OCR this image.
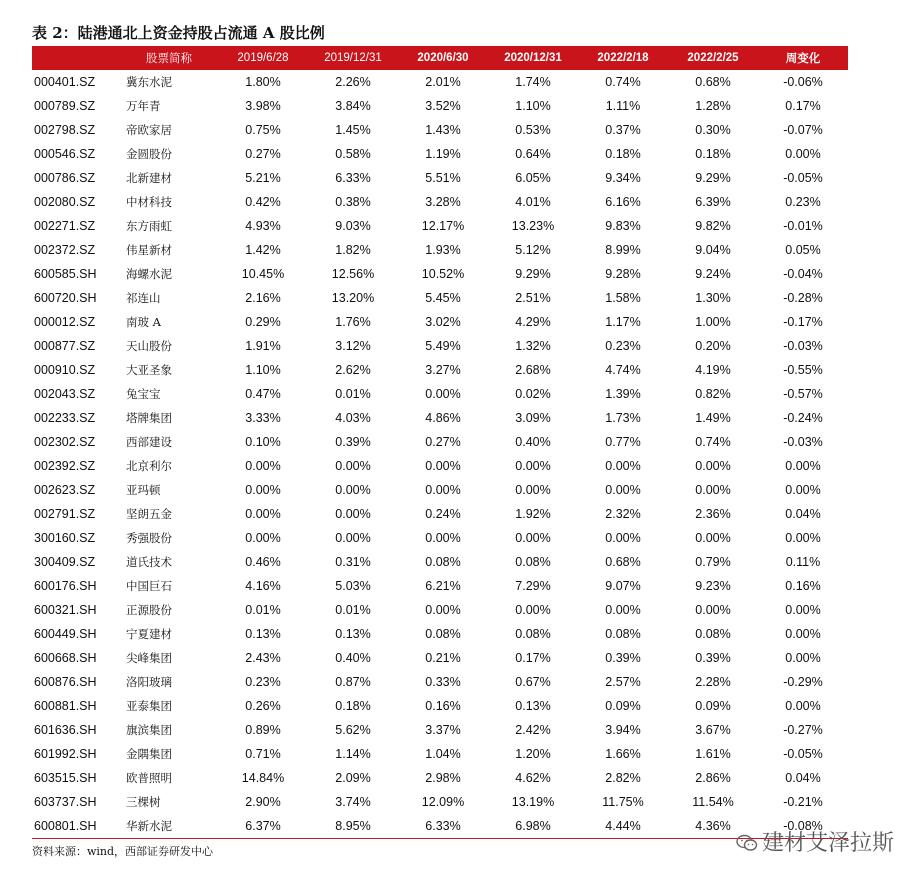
表 2：陆港通北上资金持股占流通 A 股比例
	股票简称	2019/6/28	2019/12/31	2020/6/30	2020/12/31	2022/2/18	2022/2/25	周变化
000401.SZ	冀东水泥	1.80%	2.26%	2.01%	1.74%	0.74%	0.68%	-0.06%
000789.SZ	万年青	3.98%	3.84%	3.52%	1.10%	1.11%	1.28%	0.17%
002798.SZ	帝欧家居	0.75%	1.45%	1.43%	0.53%	0.37%	0.30%	-0.07%
000546.SZ	金圆股份	0.27%	0.58%	1.19%	0.64%	0.18%	0.18%	0.00%
000786.SZ	北新建材	5.21%	6.33%	5.51%	6.05%	9.34%	9.29%	-0.05%
002080.SZ	中材科技	0.42%	0.38%	3.28%	4.01%	6.16%	6.39%	0.23%
002271.SZ	东方雨虹	4.93%	9.03%	12.17%	13.23%	9.83%	9.82%	-0.01%
002372.SZ	伟星新材	1.42%	1.82%	1.93%	5.12%	8.99%	9.04%	0.05%
600585.SH	海螺水泥	10.45%	12.56%	10.52%	9.29%	9.28%	9.24%	-0.04%
600720.SH	祁连山	2.16%	13.20%	5.45%	2.51%	1.58%	1.30%	-0.28%
000012.SZ	南玻 A	0.29%	1.76%	3.02%	4.29%	1.17%	1.00%	-0.17%
000877.SZ	天山股份	1.91%	3.12%	5.49%	1.32%	0.23%	0.20%	-0.03%
000910.SZ	大亚圣象	1.10%	2.62%	3.27%	2.68%	4.74%	4.19%	-0.55%
002043.SZ	兔宝宝	0.47%	0.01%	0.00%	0.02%	1.39%	0.82%	-0.57%
002233.SZ	塔牌集团	3.33%	4.03%	4.86%	3.09%	1.73%	1.49%	-0.24%
002302.SZ	西部建设	0.10%	0.39%	0.27%	0.40%	0.77%	0.74%	-0.03%
002392.SZ	北京利尔	0.00%	0.00%	0.00%	0.00%	0.00%	0.00%	0.00%
002623.SZ	亚玛顿	0.00%	0.00%	0.00%	0.00%	0.00%	0.00%	0.00%
002791.SZ	坚朗五金	0.00%	0.00%	0.24%	1.92%	2.32%	2.36%	0.04%
300160.SZ	秀强股份	0.00%	0.00%	0.00%	0.00%	0.00%	0.00%	0.00%
300409.SZ	道氏技术	0.46%	0.31%	0.08%	0.08%	0.68%	0.79%	0.11%
600176.SH	中国巨石	4.16%	5.03%	6.21%	7.29%	9.07%	9.23%	0.16%
600321.SH	正源股份	0.01%	0.01%	0.00%	0.00%	0.00%	0.00%	0.00%
600449.SH	宁夏建材	0.13%	0.13%	0.08%	0.08%	0.08%	0.08%	0.00%
600668.SH	尖峰集团	2.43%	0.40%	0.21%	0.17%	0.39%	0.39%	0.00%
600876.SH	洛阳玻璃	0.23%	0.87%	0.33%	0.67%	2.57%	2.28%	-0.29%
600881.SH	亚泰集团	0.26%	0.18%	0.16%	0.13%	0.09%	0.09%	0.00%
601636.SH	旗滨集团	0.89%	5.62%	3.37%	2.42%	3.94%	3.67%	-0.27%
601992.SH	金隅集团	0.71%	1.14%	1.04%	1.20%	1.66%	1.61%	-0.05%
603515.SH	欧普照明	14.84%	2.09%	2.98%	4.62%	2.82%	2.86%	0.04%
603737.SH	三棵树	2.90%	3.74%	12.09%	13.19%	11.75%	11.54%	-0.21%
600801.SH	华新水泥	6.37%	8.95%	6.33%	6.98%	4.44%	4.36%	-0.08%
资料来源：wind，西部证券研发中心	建材艾泽拉斯
